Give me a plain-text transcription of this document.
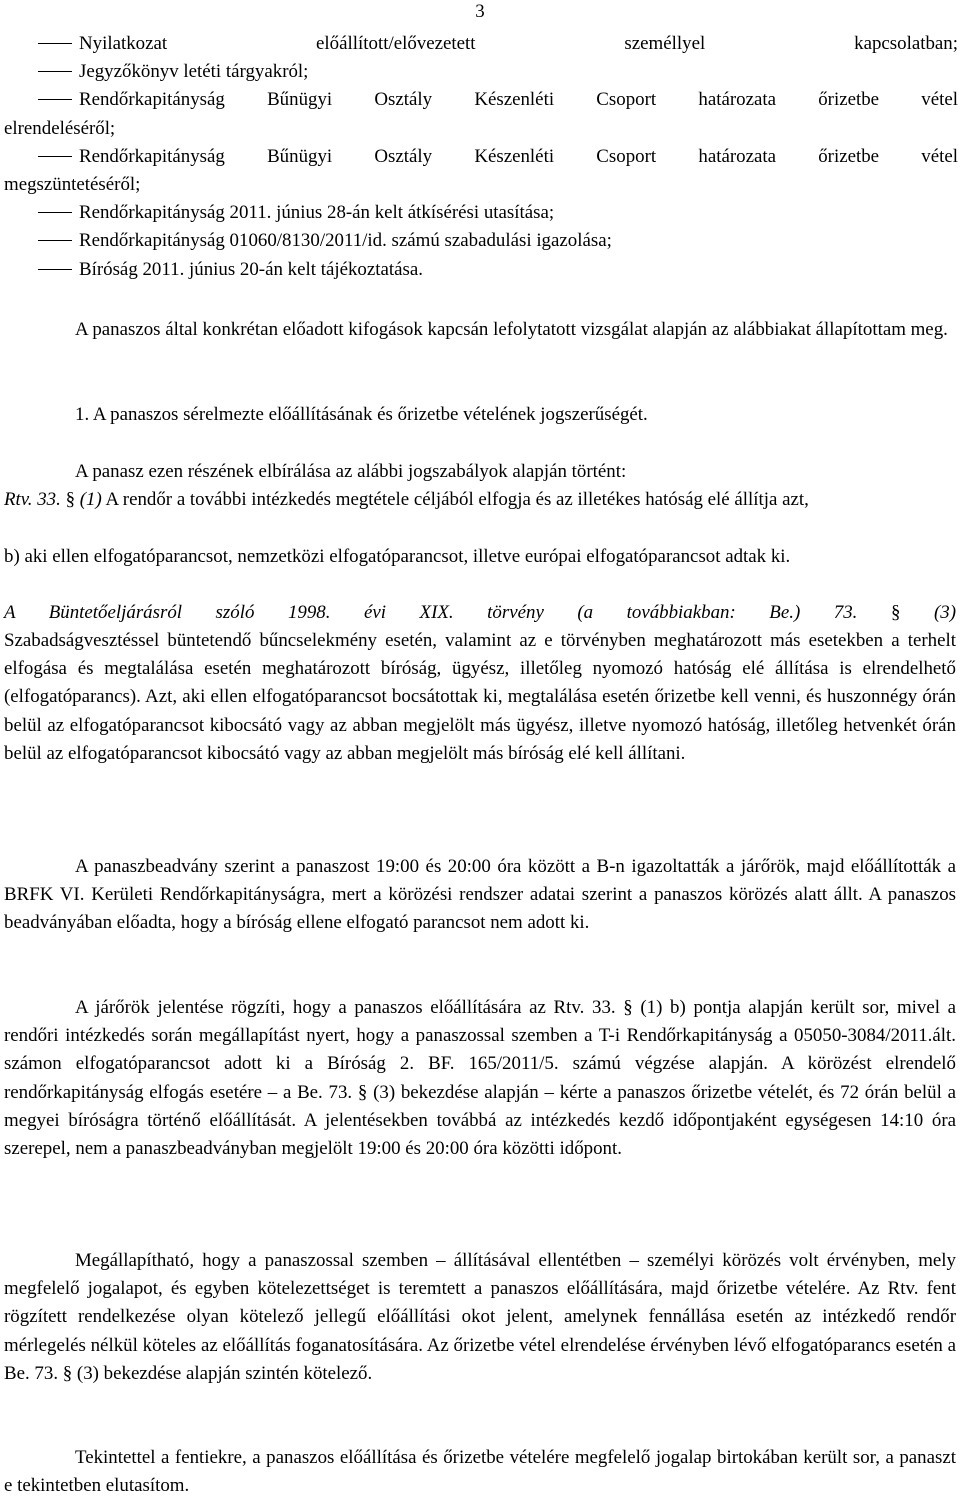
3
Nyilatkozat előállított/elővezetett személlyel kapcsolatban;
Jegyzőkönyv letéti tárgyakról;
Rendőrkapitányság Bűnügyi Osztály Készenléti Csoport határozata őrizetbe vétel
elrendeléséről;
Rendőrkapitányság Bűnügyi Osztály Készenléti Csoport határozata őrizetbe vétel
megszüntetéséről;
Rendőrkapitányság 2011. június 28-án kelt átkísérési utasítása;
Rendőrkapitányság 01060/8130/2011/id. számú szabadulási igazolása;
Bíróság 2011. június 20-án kelt tájékoztatása.

A panaszos által konkrétan előadott kifogások kapcsán lefolytatott vizsgálat alapján az alábbiakat állapítottam meg.

1. A panaszos sérelmezte előállításának és őrizetbe vételének jogszerűségét.

A panasz ezen részének elbírálása az alábbi jogszabályok alapján történt:

Rtv. 33. § (1) A rendőr a további intézkedés megtétele céljából elfogja és az illetékes hatóság elé állítja azt,

b) aki ellen elfogatóparancsot, nemzetközi elfogatóparancsot, illetve európai elfogatóparancsot adtak ki.

A Büntetőeljárásról szóló 1998. évi XIX. törvény (a továbbiakban: Be.) 73. § (3)

Szabadságvesztéssel büntetendő bűncselekmény esetén, valamint az e törvényben meghatározott más esetekben a terhelt elfogása és megtalálása esetén meghatározott bíróság, ügyész, illetőleg nyomozó hatóság elé állítása is elrendelhető (elfogatóparancs). Azt, aki ellen elfogatóparancsot bocsátottak ki, megtalálása esetén őrizetbe kell venni, és huszonnégy órán belül az elfogatóparancsot kibocsátó vagy az abban megjelölt más ügyész, illetve nyomozó hatóság, illetőleg hetvenkét órán belül az elfogatóparancsot kibocsátó vagy az abban megjelölt más bíróság elé kell állítani.

A panaszbeadvány szerint a panaszost 19:00 és 20:00 óra között a B-n igazoltatták a járőrök, majd előállították a BRFK VI. Kerületi Rendőrkapitányságra, mert a körözési rendszer adatai szerint a panaszos körözés alatt állt. A panaszos beadványában előadta, hogy a bíróság ellene elfogató parancsot nem adott ki.

A járőrök jelentése rögzíti, hogy a panaszos előállítására az Rtv. 33. § (1) b) pontja alapján került sor, mivel a rendőri intézkedés során megállapítást nyert, hogy a panaszossal szemben a T-i Rendőrkapitányság a 05050-3084/2011.ált. számon elfogatóparancsot adott ki a Bíróság 2. BF. 165/2011/5. számú végzése alapján. A körözést elrendelő rendőrkapitányság elfogás esetére – a Be. 73. § (3) bekezdése alapján – kérte a panaszos őrizetbe vételét, és 72 órán belül a megyei bíróságra történő előállítását. A jelentésekben továbbá az intézkedés kezdő időpontjaként egységesen 14:10 óra szerepel, nem a panaszbeadványban megjelölt 19:00 és 20:00 óra közötti időpont.

Megállapítható, hogy a panaszossal szemben – állításával ellentétben – személyi körözés volt érvényben, mely megfelelő jogalapot, és egyben kötelezettséget is teremtett a panaszos előállítására, majd őrizetbe vételére. Az Rtv. fent rögzített rendelkezése olyan kötelező jellegű előállítási okot jelent, amelynek fennállása esetén az intézkedő rendőr mérlegelés nélkül köteles az előállítás foganatosítására. Az őrizetbe vétel elrendelése érvényben lévő elfogatóparancs esetén a Be. 73. § (3) bekezdése alapján szintén kötelező.

Tekintettel a fentiekre, a panaszos előállítása és őrizetbe vételére megfelelő jogalap birtokában került sor, a panaszt e tekintetben elutasítom.
